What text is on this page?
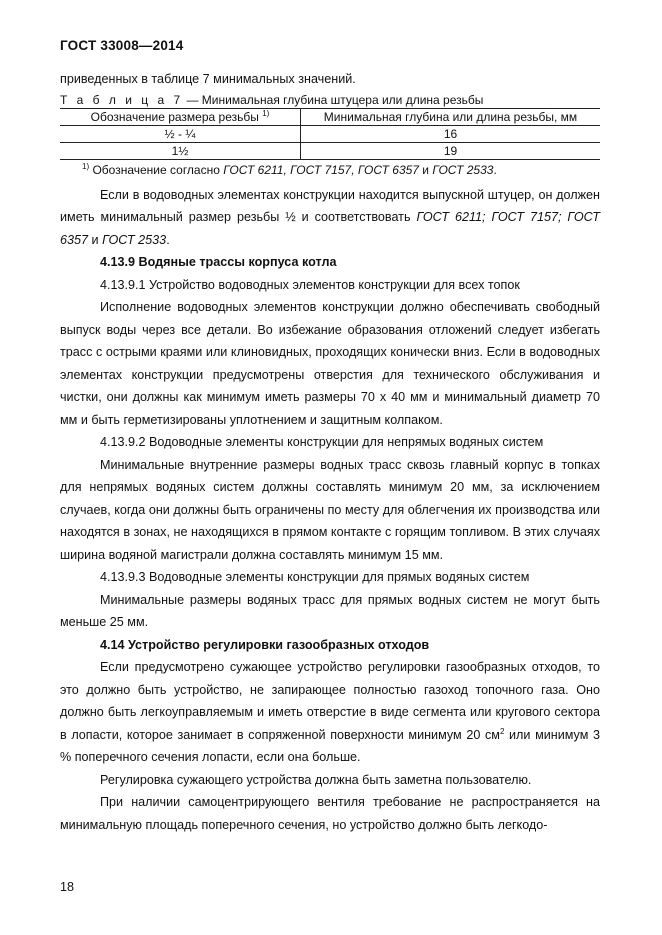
ГОСТ 33008—2014

приведенных в таблице 7 минимальных значений.

Т а б л и ц а 7 — Минимальная глубина штуцера или длина резьбы
Обозначение размера резьбы $^{1)}$	Минимальная глубина или длина резьбы, мм
½ - ¼	16
1½	19
$^{1)}$ Обозначение согласно ГОСТ 6211, ГОСТ 7157, ГОСТ 6357 и ГОСТ 2533.

Если в водоводных элементах конструкции находится выпускной штуцер, он должен иметь минимальный размер резьбы ½ и соответствовать ГОСТ 6211; ГОСТ 7157; ГОСТ 6357 и ГОСТ 2533.

4.13.9 Водяные трассы корпуса котла

4.13.9.1 Устройство водоводных элементов конструкции для всех топок

Исполнение водоводных элементов конструкции должно обеспечивать свободный выпуск воды через все детали. Во избежание образования отложений следует избегать трасс с острыми краями или клиновидных, проходящих конически вниз. Если в водоводных элементах конструкции предусмотрены отверстия для технического обслуживания и чистки, они должны как минимум иметь размеры 70 х 40 мм и минимальный диаметр 70 мм и быть герметизированы уплотнением и защитным колпаком.

4.13.9.2 Водоводные элементы конструкции для непрямых водяных систем

Минимальные внутренние размеры водных трасс сквозь главный корпус в топках для непрямых водяных систем должны составлять минимум 20 мм, за исключением случаев, когда они должны быть ограничены по месту для облегчения их производства или находятся в зонах, не находящихся в прямом контакте с горящим топливом. В этих случаях ширина водяной магистрали должна составлять минимум 15 мм.

4.13.9.3 Водоводные элементы конструкции для прямых водяных систем

Минимальные размеры водяных трасс для прямых водных систем не могут быть меньше 25 мм.

4.14 Устройство регулировки газообразных отходов

Если предусмотрено сужающее устройство регулировки газообразных отходов, то это должно быть устройство, не запирающее полностью газоход топочного газа. Оно должно быть легкоуправляемым и иметь отверстие в виде сегмента или кругового сектора в лопасти, которое занимает в сопряженной поверхности минимум 20 $см^2$ или минимум 3 % поперечного сечения лопасти, если она больше.

Регулировка сужающего устройства должна быть заметна пользователю.

При наличии самоцентрирующего вентиля требование не распространяется на минимальную площадь поперечного сечения, но устройство должно быть легкодо-

18
